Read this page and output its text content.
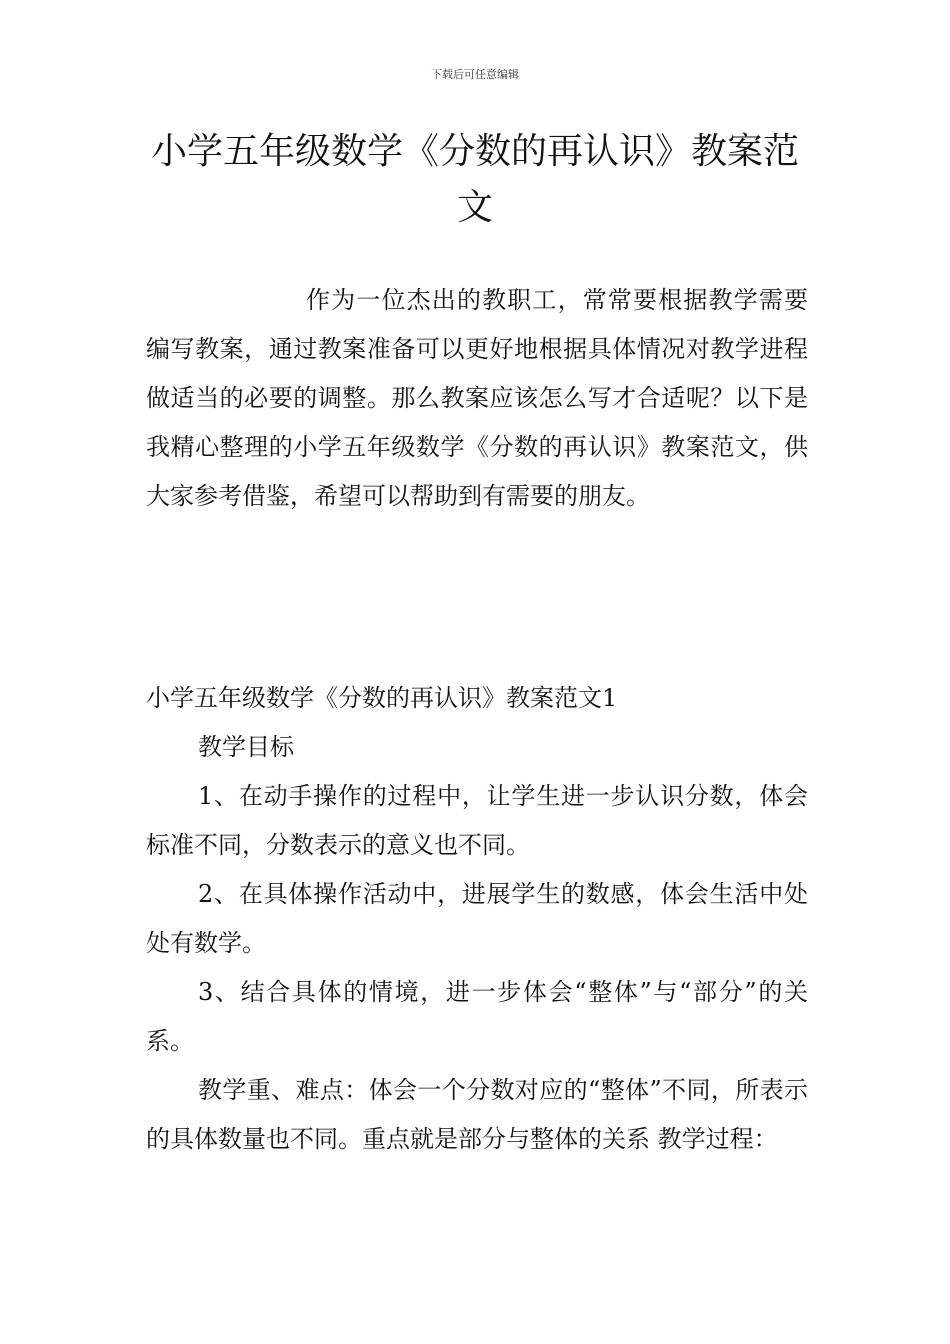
下载后可任意编辑
小学五年级数学《分数的再认识》教案范文

作为一位杰出的教职工，常常要根据教学需要编写教案，通过教案准备可以更好地根据具体情况对教学进程做适当的必要的调整。那么教案应该怎么写才合适呢？以下是我精心整理的小学五年级数学《分数的再认识》教案范文，供大家参考借鉴，希望可以帮助到有需要的朋友。

小学五年级数学《分数的再认识》教案范文1

教学目标

1、在动手操作的过程中，让学生进一步认识分数，体会标准不同，分数表示的意义也不同。

2、在具体操作活动中，进展学生的数感，体会生活中处处有数学。

3、结合具体的情境，进一步体会“整体”与“部分”的关系。

教学重、难点：体会一个分数对应的“整体”不同，所表示的具体数量也不同。重点就是部分与整体的关系 教学过程：
